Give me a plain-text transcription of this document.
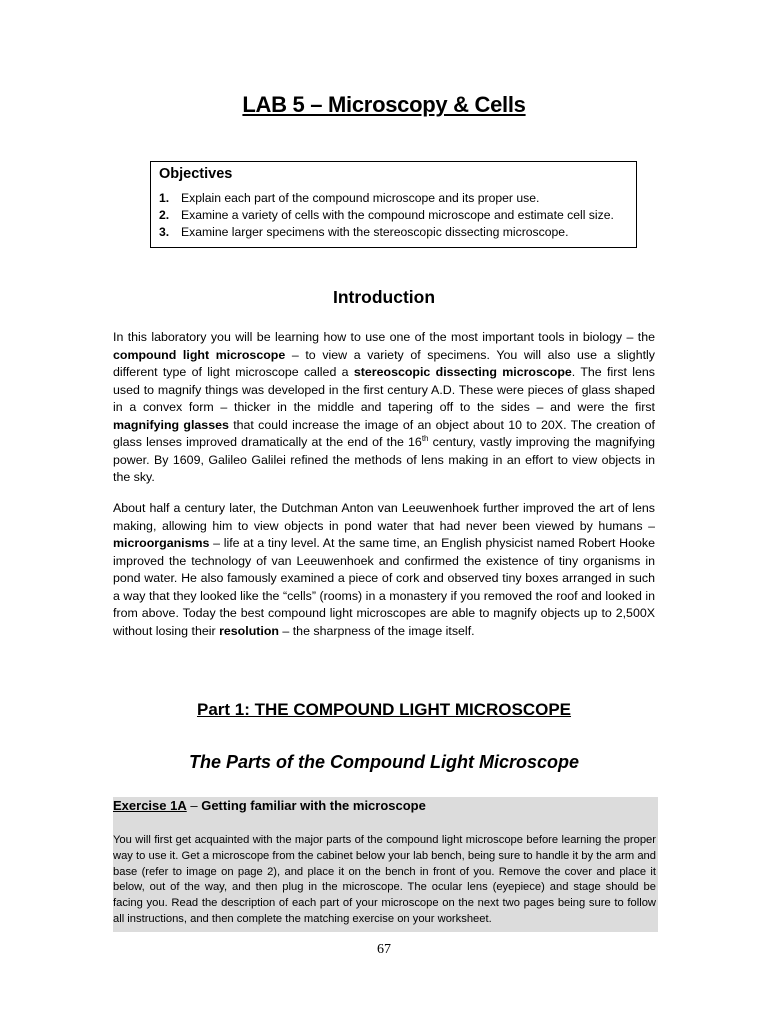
LAB 5 – Microscopy & Cells
Objectives
1. Explain each part of the compound microscope and its proper use.
2. Examine a variety of cells with the compound microscope and estimate cell size.
3. Examine larger specimens with the stereoscopic dissecting microscope.
Introduction

In this laboratory you will be learning how to use one of the most important tools in biology – the compound light microscope – to view a variety of specimens. You will also use a slightly different type of light microscope called a stereoscopic dissecting microscope. The first lens used to magnify things was developed in the first century A.D. These were pieces of glass shaped in a convex form – thicker in the middle and tapering off to the sides – and were the first magnifying glasses that could increase the image of an object about 10 to 20X. The creation of glass lenses improved dramatically at the end of the 16th century, vastly improving the magnifying power. By 1609, Galileo Galilei refined the methods of lens making in an effort to view objects in the sky.

About half a century later, the Dutchman Anton van Leeuwenhoek further improved the art of lens making, allowing him to view objects in pond water that had never been viewed by humans – microorganisms – life at a tiny level. At the same time, an English physicist named Robert Hooke improved the technology of van Leeuwenhoek and confirmed the existence of tiny organisms in pond water. He also famously examined a piece of cork and observed tiny boxes arranged in such a way that they looked like the “cells” (rooms) in a monastery if you removed the roof and looked in from above. Today the best compound light microscopes are able to magnify objects up to 2,500X without losing their resolution – the sharpness of the image itself.

Part 1: THE COMPOUND LIGHT MICROSCOPE
The Parts of the Compound Light Microscope
Exercise 1A – Getting familiar with the microscope

You will first get acquainted with the major parts of the compound light microscope before learning the proper way to use it. Get a microscope from the cabinet below your lab bench, being sure to handle it by the arm and base (refer to image on page 2), and place it on the bench in front of you. Remove the cover and place it below, out of the way, and then plug in the microscope. The ocular lens (eyepiece) and stage should be facing you. Read the description of each part of your microscope on the next two pages being sure to follow all instructions, and then complete the matching exercise on your worksheet.

67
